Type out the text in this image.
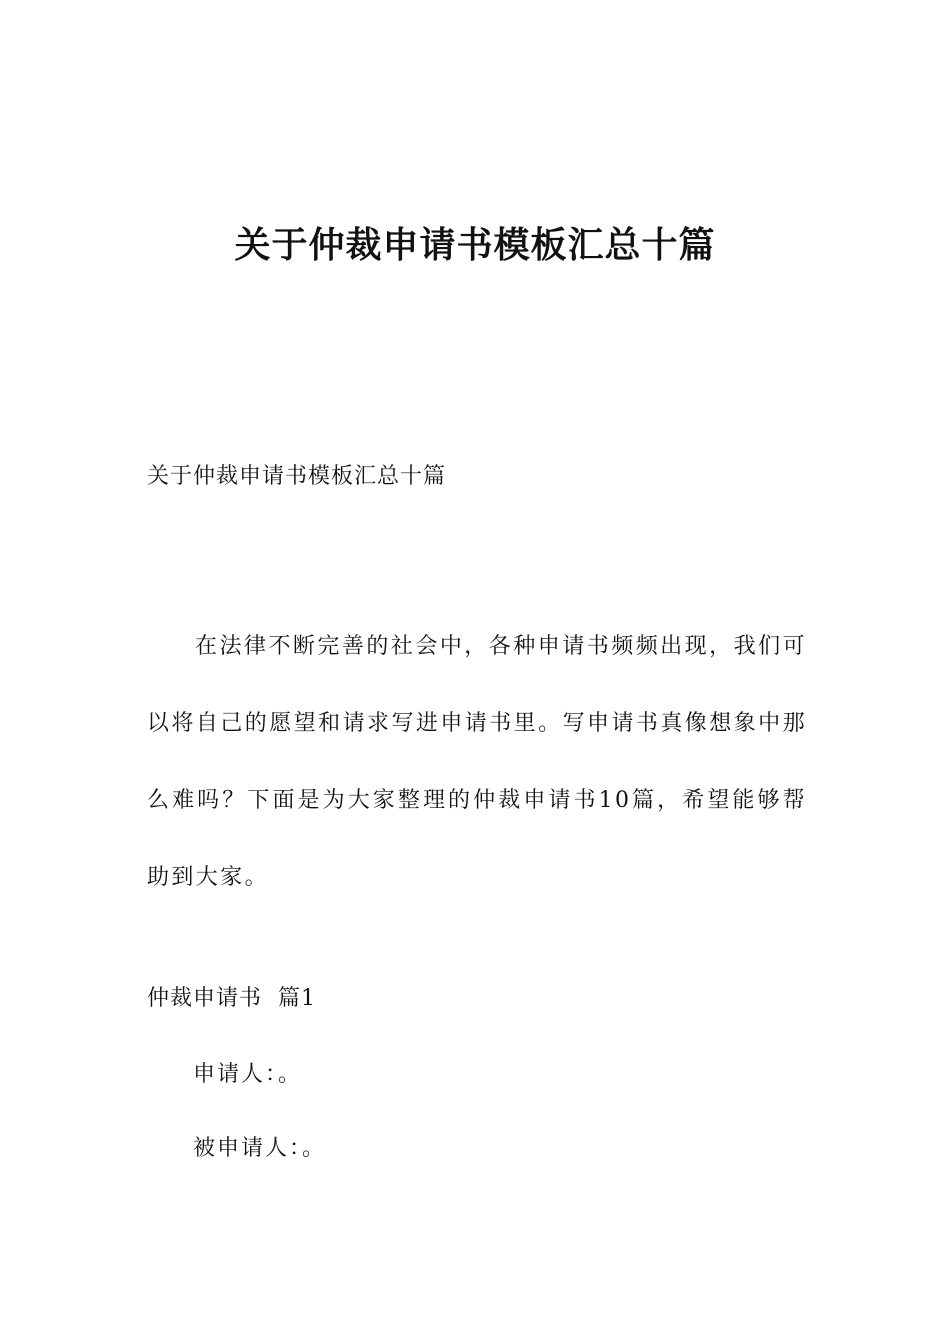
关于仲裁申请书模板汇总十篇

关于仲裁申请书模板汇总十篇

在法律不断完善的社会中，各种申请书频频出现，我们可以将自己的愿望和请求写进申请书里。写申请书真像想象中那么难吗？下面是为大家整理的仲裁申请书10篇，希望能够帮助到大家。

仲裁申请书  篇1

申请人：。

被申请人：。
